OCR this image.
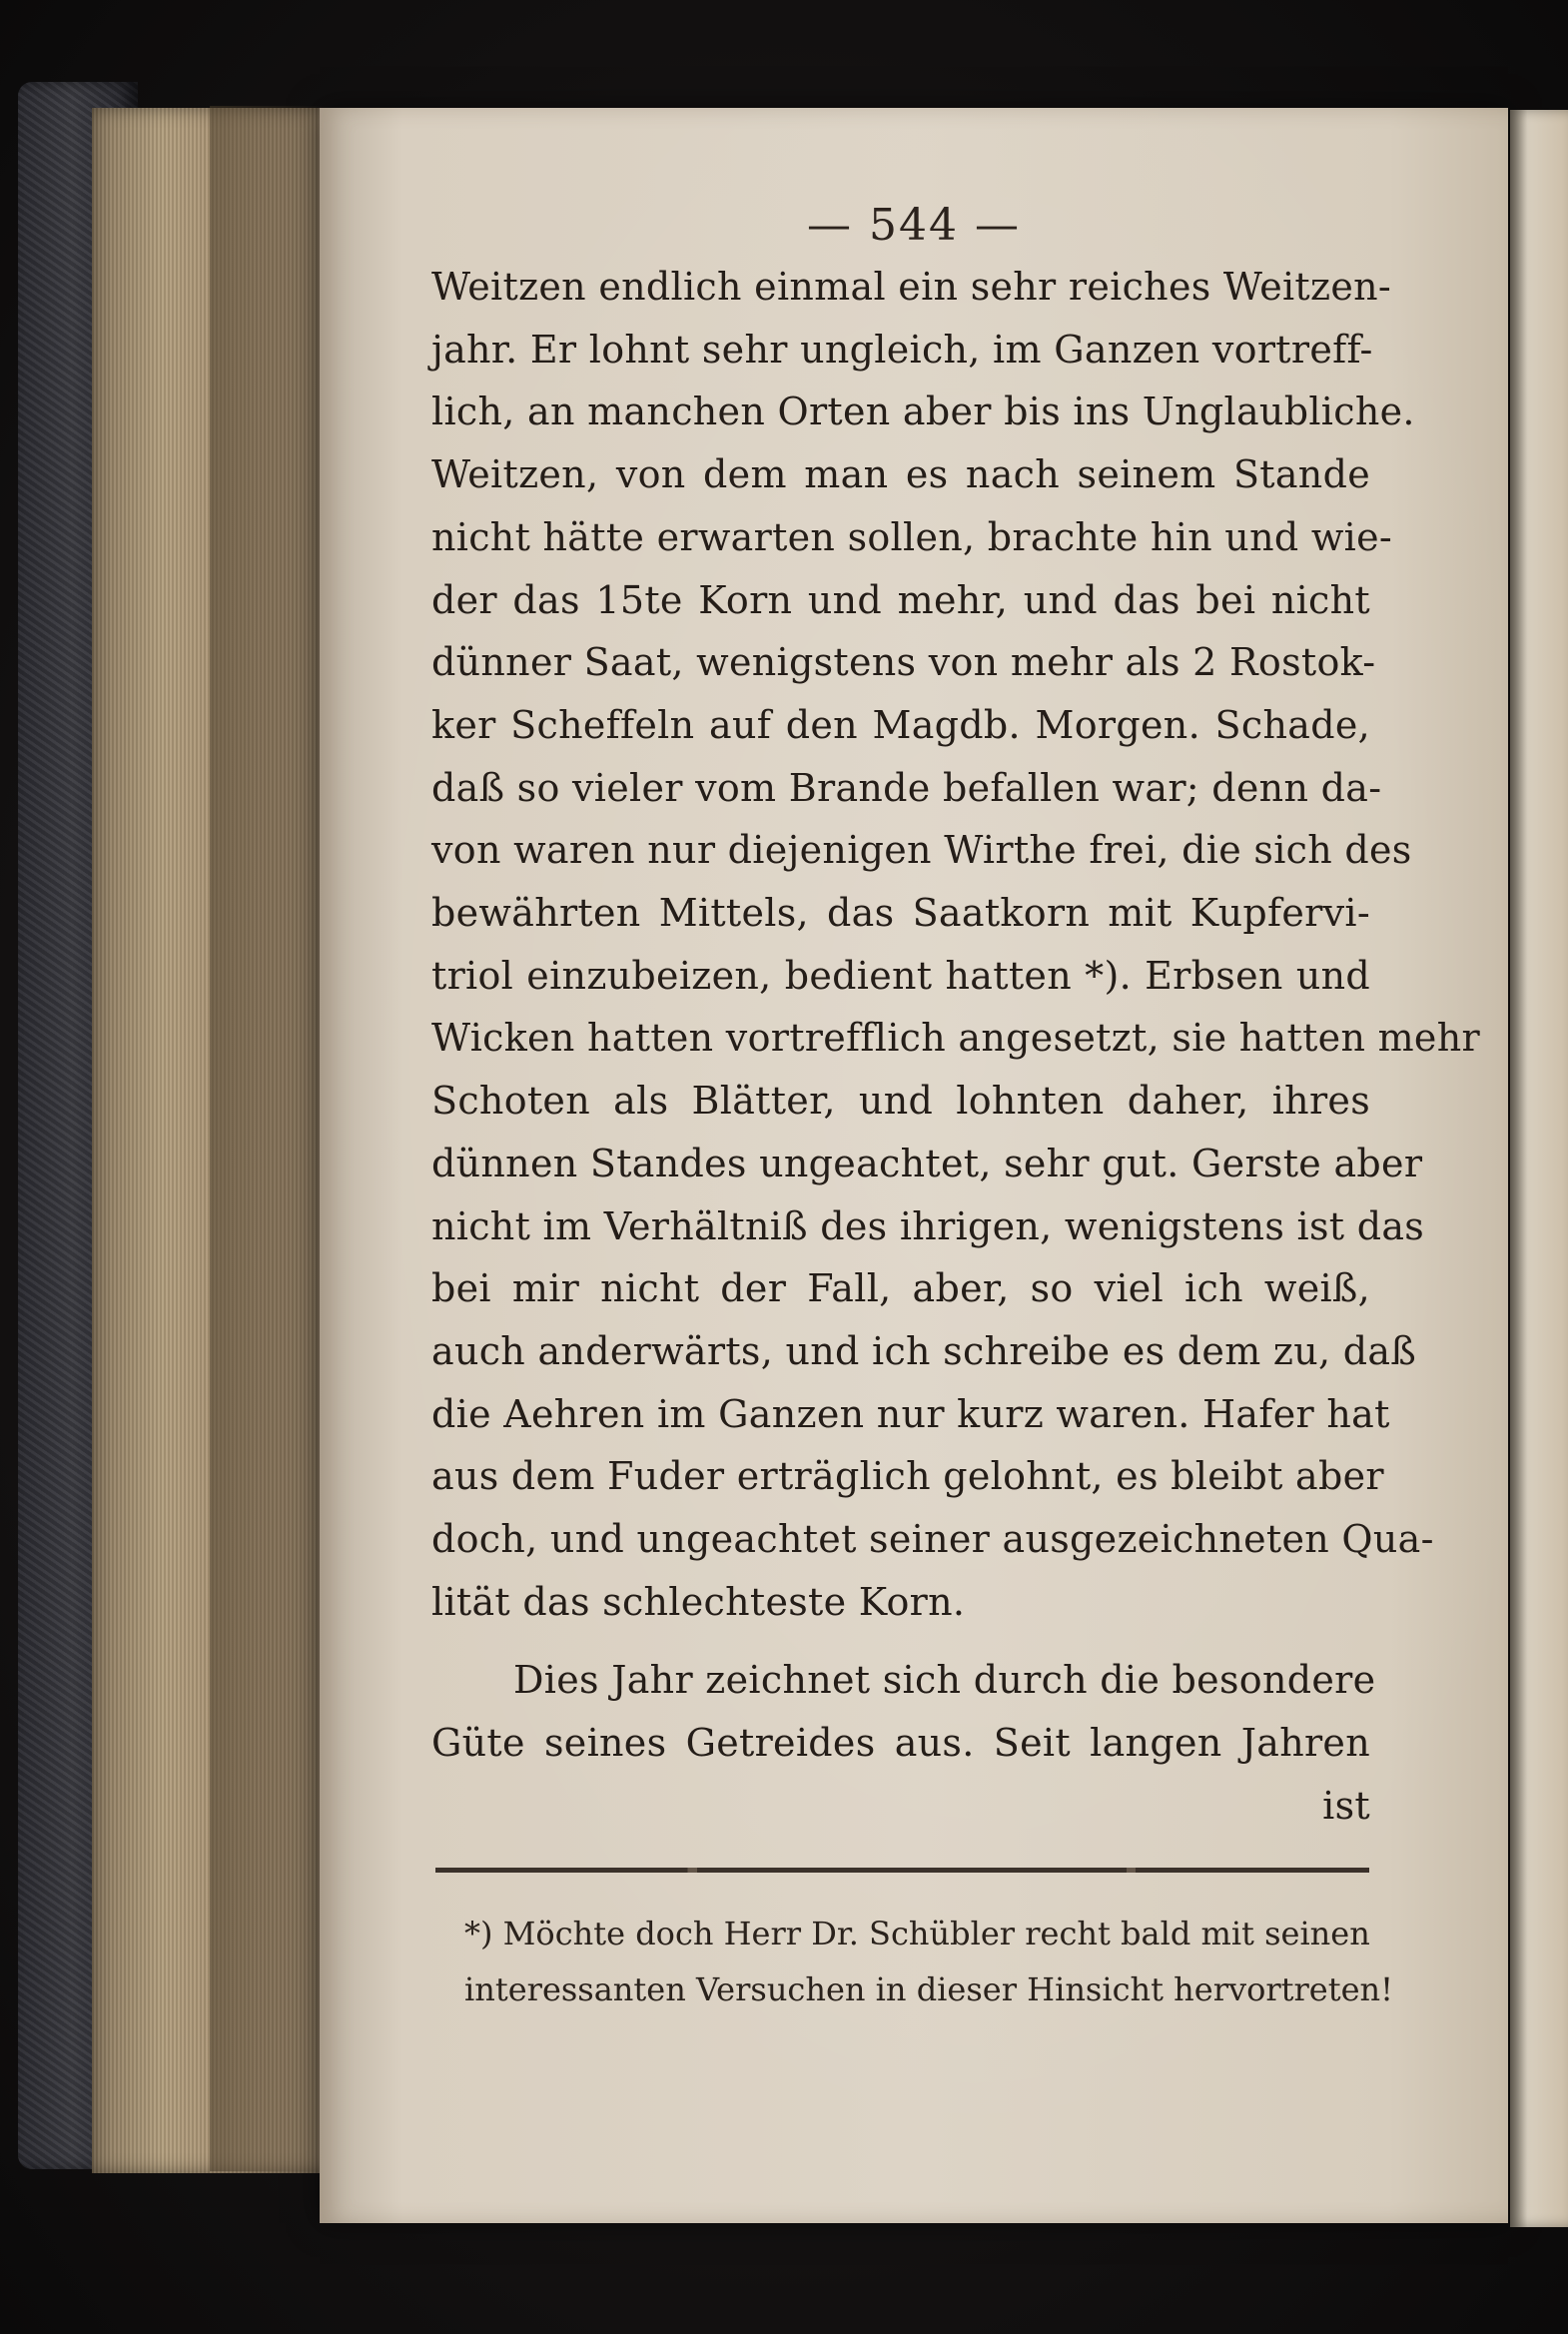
— 544 —
Weitzen endlich einmal ein sehr reiches Weitzen-
jahr. Er lohnt sehr ungleich, im Ganzen vortreff-
lich, an manchen Orten aber bis ins Unglaubliche.
Weitzen, von dem man es nach seinem Stande
nicht hätte erwarten sollen, brachte hin und wie-
der das 15te Korn und mehr, und das bei nicht
dünner Saat, wenigstens von mehr als 2 Rostok-
ker Scheffeln auf den Magdb. Morgen. Schade,
daß so vieler vom Brande befallen war; denn da-
von waren nur diejenigen Wirthe frei, die sich des
bewährten Mittels, das Saatkorn mit Kupfervi-
triol einzubeizen, bedient hatten *). Erbsen und
Wicken hatten vortrefflich angesetzt, sie hatten mehr
Schoten als Blätter, und lohnten daher, ihres
dünnen Standes ungeachtet, sehr gut. Gerste aber
nicht im Verhältniß des ihrigen, wenigstens ist das
bei mir nicht der Fall, aber, so viel ich weiß,
auch anderwärts, und ich schreibe es dem zu, daß
die Aehren im Ganzen nur kurz waren. Hafer hat
aus dem Fuder erträglich gelohnt, es bleibt aber
doch, und ungeachtet seiner ausgezeichneten Qua-
lität das schlechteste Korn.
Dies Jahr zeichnet sich durch die besondere
Güte seines Getreides aus. Seit langen Jahren
ist
*) Möchte doch Herr Dr. Schübler recht bald mit seinen
interessanten Versuchen in dieser Hinsicht hervortreten!
